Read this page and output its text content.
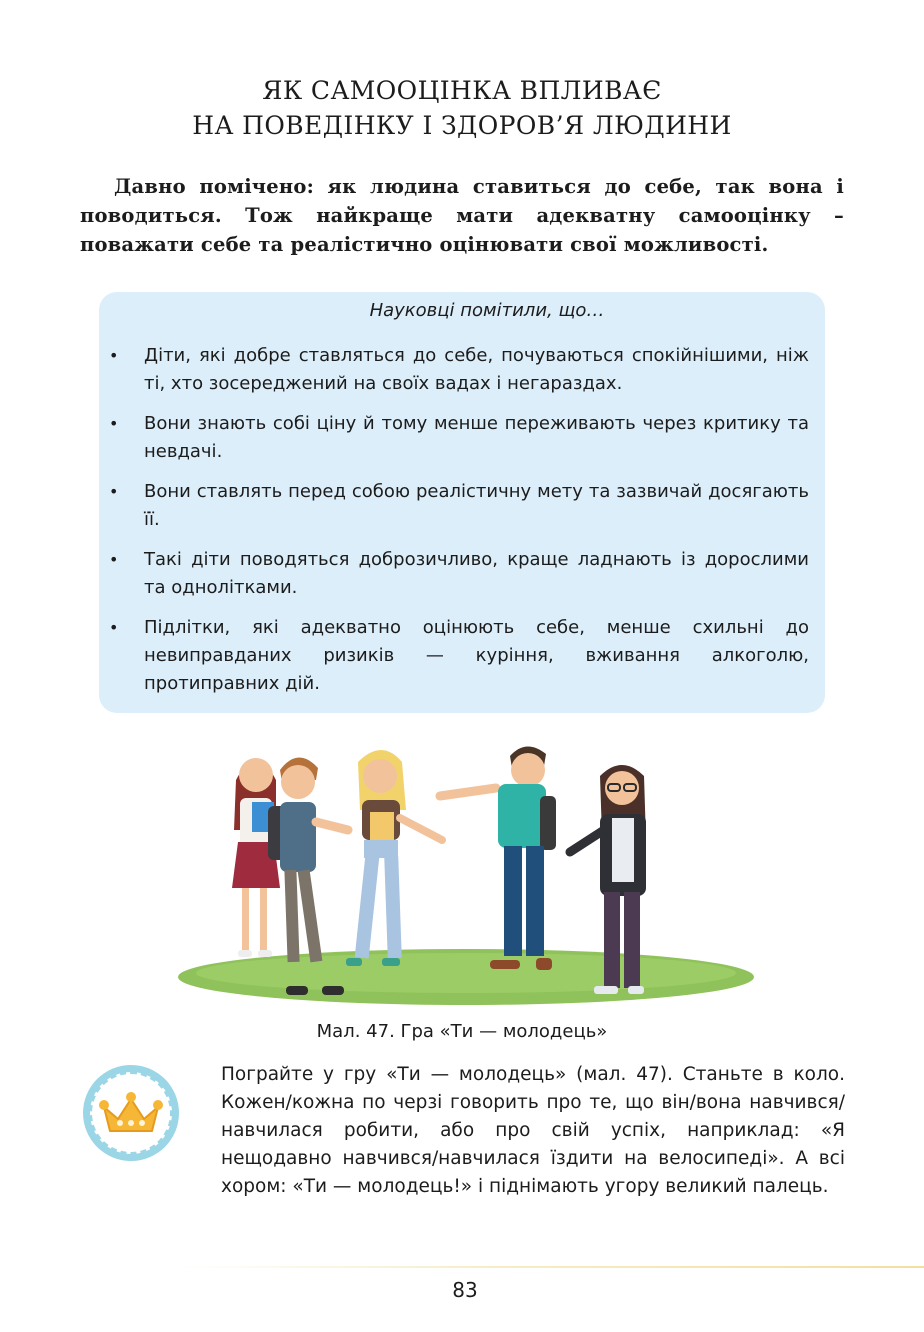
ЯК САМООЦІНКА ВПЛИВАЄ
НА ПОВЕДІНКУ І ЗДОРОВ’Я ЛЮДИНИ

Давно помічено: як людина ставиться до себе, так вона і поводиться. Тож найкраще мати адекватну самооцінку – поважати себе та реалістично оцінювати свої можливості.

Науковці помітили, що…
• Діти, які добре ставляться до себе, почуваються спокійнішими, ніж ті, хто зосереджений на своїх вадах і негараздах.
• Вони знають собі ціну й тому менше переживають через критику та невдачі.
• Вони ставлять перед собою реалістичну мету та зазвичай досягають її.
• Такі діти поводяться доброзичливо, краще ладнають із дорослими та однолітками.
• Підлітки, які адекватно оцінюють себе, менше схильні до невиправданих ризиків — куріння, вживання алкоголю, протиправних дій.
Мал. 47. Гра «Ти — молодець»

Пограйте у гру «Ти — молодець» (мал. 47). Станьте в коло. Кожен/кожна по черзі говорить про те, що він/вона навчився/навчилася робити, або про свій успіх, наприклад: «Я нещодавно навчився/навчилася їздити на велосипеді». А всі хором: «Ти — молодець!» і піднімають угору великий палець.

83
